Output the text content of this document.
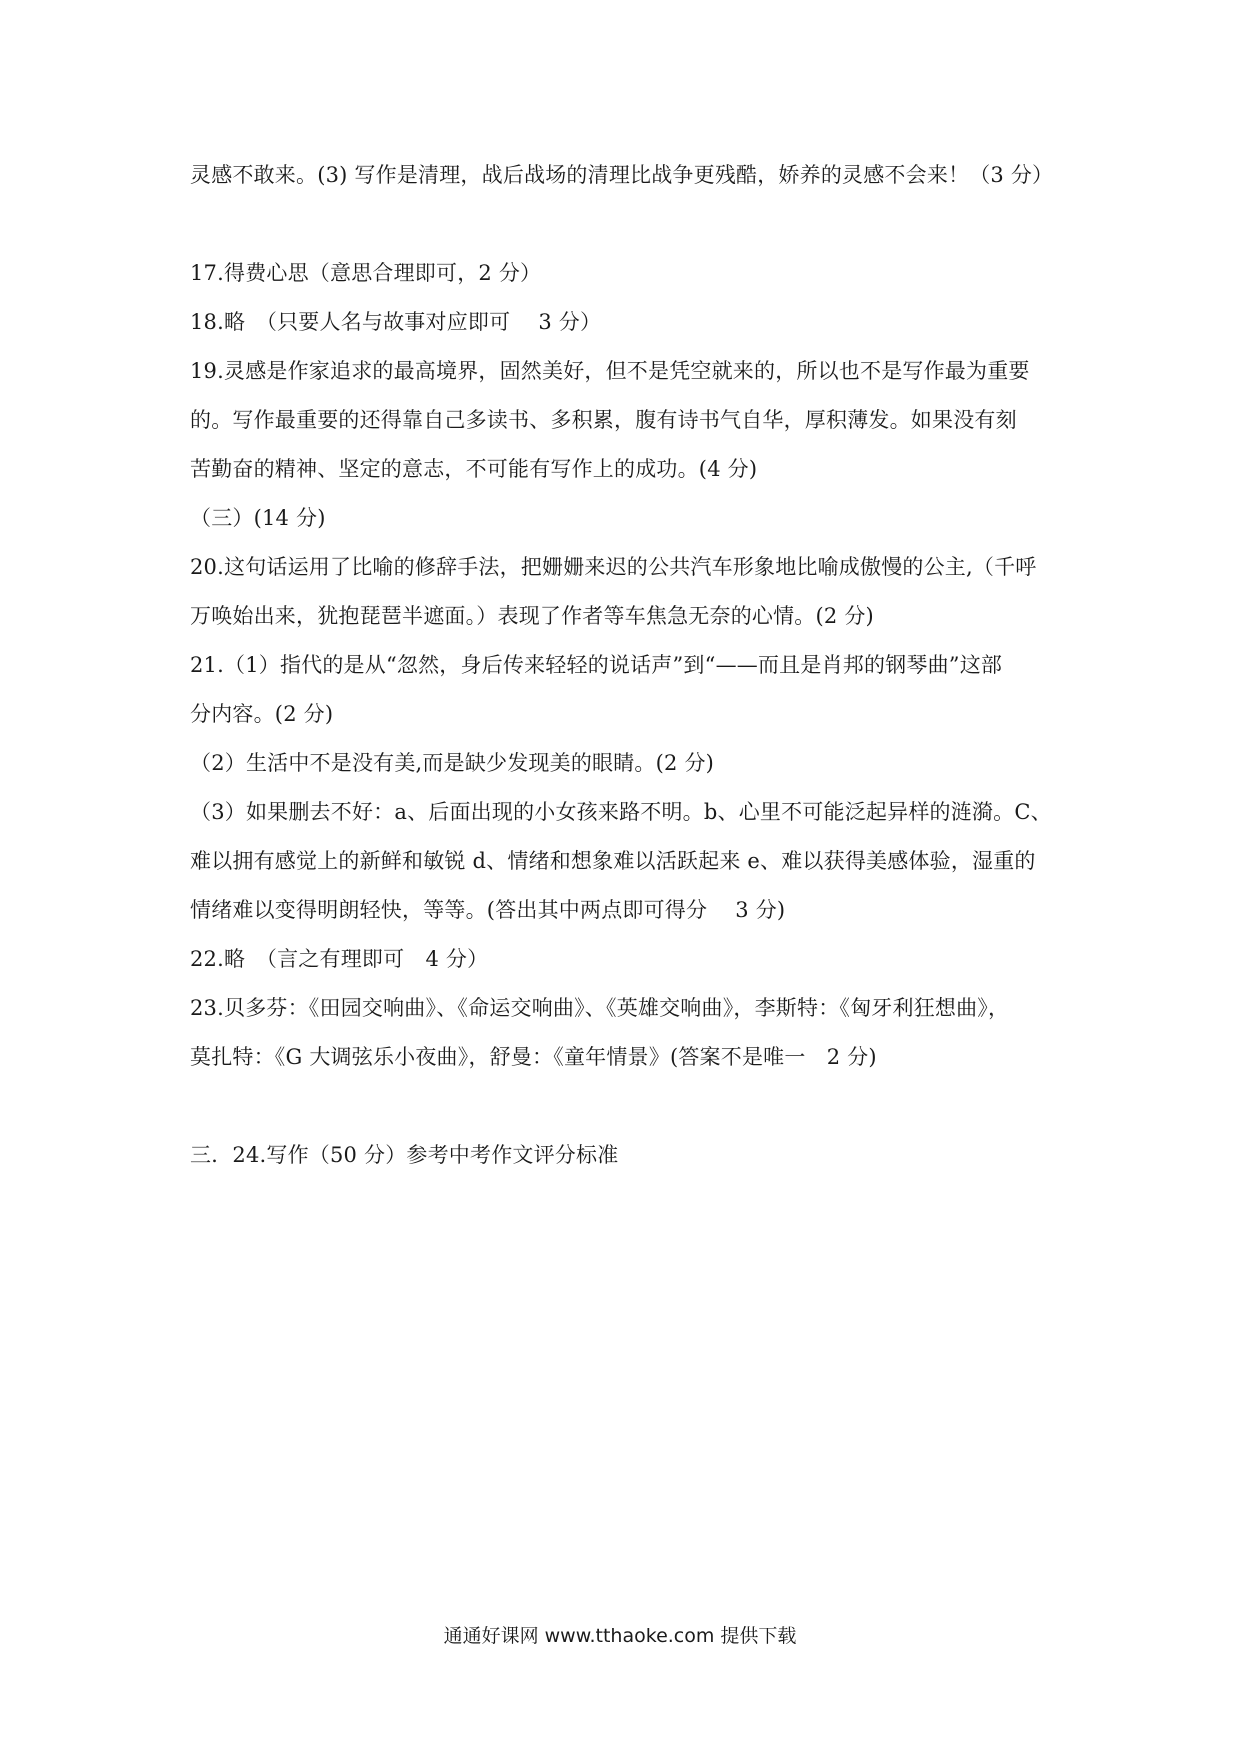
灵感不敢来。(3) 写作是清理，战后战场的清理比战争更残酷，娇养的灵感不会来！（3 分）
17.得费心思（意思合理即可，2 分）
18.略　（只要人名与故事对应即可　 3 分）
19.灵感是作家追求的最高境界，固然美好，但不是凭空就来的，所以也不是写作最为重要
的。写作最重要的还得靠自己多读书、多积累，腹有诗书气自华，厚积薄发。如果没有刻
苦勤奋的精神、坚定的意志，不可能有写作上的成功。(4 分)
（三）(14 分)
20.这句话运用了比喻的修辞手法，把姗姗来迟的公共汽车形象地比喻成傲慢的公主,（千呼
万唤始出来，犹抱琵琶半遮面。）表现了作者等车焦急无奈的心情。(2 分)
21.（1）指代的是从“忽然，身后传来轻轻的说话声”到“——而且是肖邦的钢琴曲”这部
分内容。(2 分)
（2）生活中不是没有美,而是缺少发现美的眼睛。(2 分)
（3）如果删去不好：a、后面出现的小女孩来路不明。b、心里不可能泛起异样的涟漪。C、
难以拥有感觉上的新鲜和敏锐 d、情绪和想象难以活跃起来 e、难以获得美感体验，湿重的
情绪难以变得明朗轻快，等等。(答出其中两点即可得分　 3 分)
22.略　（言之有理即可　4 分）
23.贝多芬：《田园交响曲》、《命运交响曲》、《英雄交响曲》，李斯特：《匈牙利狂想曲》，
莫扎特：《G 大调弦乐小夜曲》，舒曼：《童年情景》(答案不是唯一　2 分)
三．24.写作（50 分）参考中考作文评分标准
通通好课网 www.tthaoke.com 提供下载
